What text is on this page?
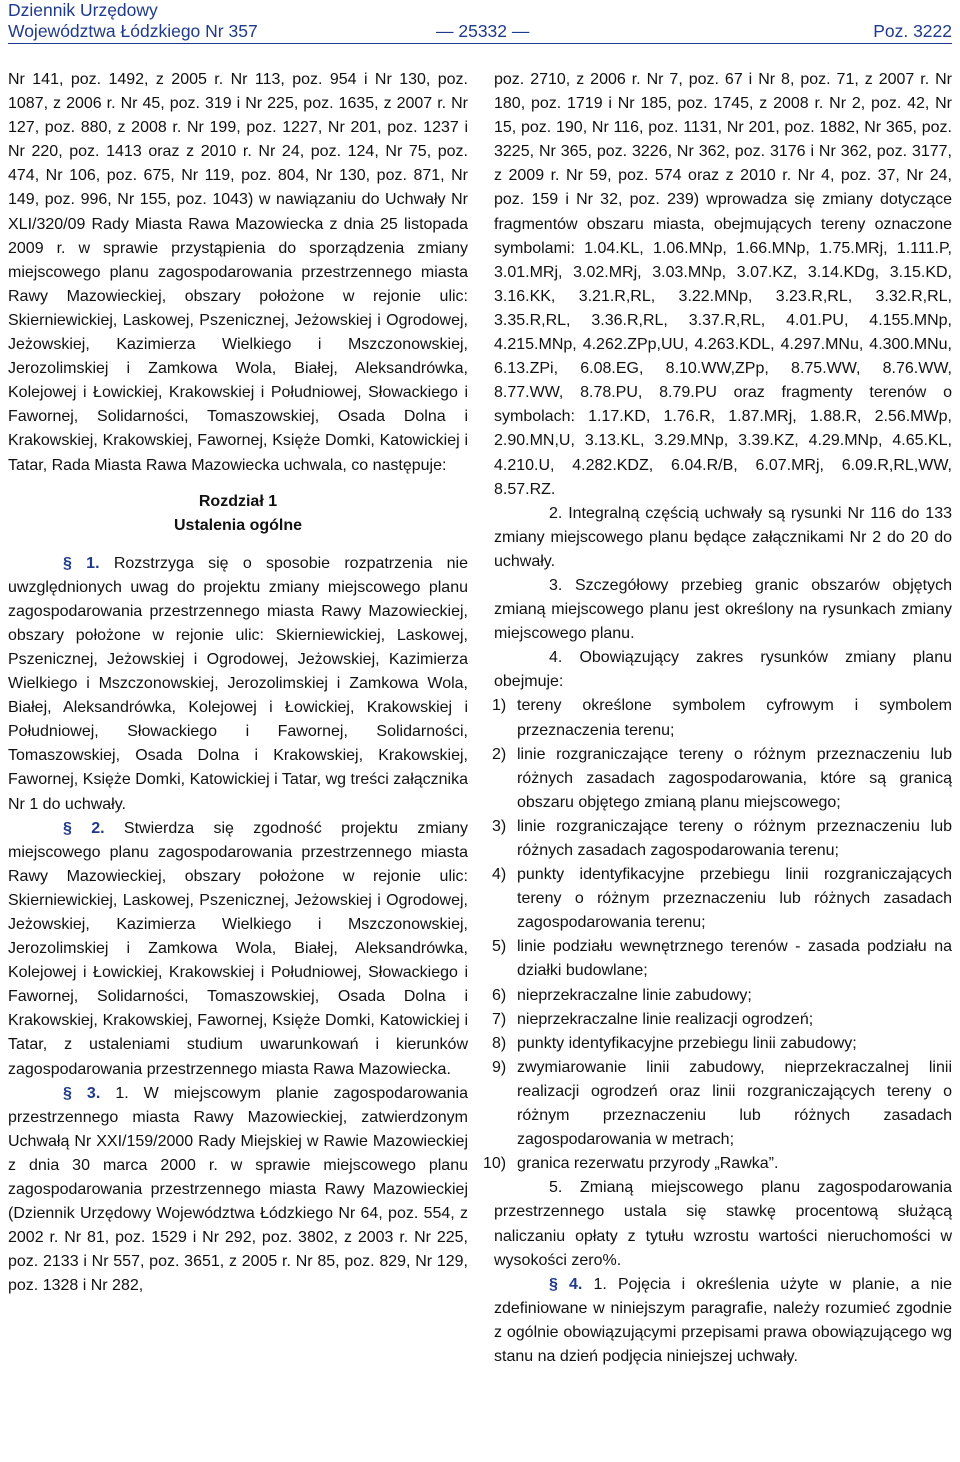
Dziennik Urzędowy
Województwa Łódzkiego Nr 357	— 25332 —	Poz. 3222

Nr 141, poz. 1492, z 2005 r. Nr 113, poz. 954 i Nr 130, poz. 1087, z 2006 r. Nr 45, poz. 319 i Nr 225, poz. 1635, z 2007 r. Nr 127, poz. 880, z 2008 r. Nr 199, poz. 1227, Nr 201, poz. 1237 i Nr 220, poz. 1413 oraz z 2010 r. Nr 24, poz. 124, Nr 75, poz. 474, Nr 106, poz. 675, Nr 119, poz. 804, Nr 130, poz. 871, Nr 149, poz. 996, Nr 155, poz. 1043) w nawiązaniu do Uchwały Nr XLI/320/09 Rady Miasta Rawa Mazowiecka z dnia 25 listopada 2009 r. w sprawie przystąpienia do sporządzenia zmiany miejscowego planu zagospodarowania przestrzennego miasta Rawy Mazowieckiej, obszary położone w rejonie ulic: Skierniewickiej, Laskowej, Pszenicznej, Jeżowskiej i Ogrodowej, Jeżowskiej, Kazimierza Wielkiego i Mszczonowskiej, Jerozolimskiej i Zamkowa Wola, Białej, Aleksandrówka, Kolejowej i Łowickiej, Krakowskiej i Południowej, Słowackiego i Fawornej, Solidarności, Tomaszowskiej, Osada Dolna i Krakowskiej, Krakowskiej, Fawornej, Księże Domki, Katowickiej i Tatar, Rada Miasta Rawa Mazowiecka uchwala, co następuje:

Rozdział 1
Ustalenia ogólne

§ 1. Rozstrzyga się o sposobie rozpatrzenia nie uwzględnionych uwag do projektu zmiany miejscowego planu zagospodarowania przestrzennego miasta Rawy Mazowieckiej, obszary położone w rejonie ulic: Skierniewickiej, Laskowej, Pszenicznej, Jeżowskiej i Ogrodowej, Jeżowskiej, Kazimierza Wielkiego i Mszczonowskiej, Jerozolimskiej i Zamkowa Wola, Białej, Aleksandrówka, Kolejowej i Łowickiej, Krakowskiej i Południowej, Słowackiego i Fawornej, Solidarności, Tomaszowskiej, Osada Dolna i Krakowskiej, Krakowskiej, Fawornej, Księże Domki, Katowickiej i Tatar, wg treści załącznika Nr 1 do uchwały.

§ 2. Stwierdza się zgodność projektu zmiany miejscowego planu zagospodarowania przestrzennego miasta Rawy Mazowieckiej, obszary położone w rejonie ulic: Skierniewickiej, Laskowej, Pszenicznej, Jeżowskiej i Ogrodowej, Jeżowskiej, Kazimierza Wielkiego i Mszczonowskiej, Jerozolimskiej i Zamkowa Wola, Białej, Aleksandrówka, Kolejowej i Łowickiej, Krakowskiej i Południowej, Słowackiego i Fawornej, Solidarności, Tomaszowskiej, Osada Dolna i Krakowskiej, Krakowskiej, Fawornej, Księże Domki, Katowickiej i Tatar, z ustaleniami studium uwarunkowań i kierunków zagospodarowania przestrzennego miasta Rawa Mazowiecka.

§ 3. 1. W miejscowym planie zagospodarowania przestrzennego miasta Rawy Mazowieckiej, zatwierdzonym Uchwałą Nr XXI/159/2000 Rady Miejskiej w Rawie Mazowieckiej z dnia 30 marca 2000 r. w sprawie miejscowego planu zagospodarowania przestrzennego miasta Rawy Mazowieckiej (Dziennik Urzędowy Województwa Łódzkiego Nr 64, poz. 554, z 2002 r. Nr 81, poz. 1529 i Nr 292, poz. 3802, z 2003 r. Nr 225, poz. 2133 i Nr 557, poz. 3651, z 2005 r. Nr 85, poz. 829, Nr 129, poz. 1328 i Nr 282,

poz. 2710, z 2006 r. Nr 7, poz. 67 i Nr 8, poz. 71, z 2007 r. Nr 180, poz. 1719 i Nr 185, poz. 1745, z 2008 r. Nr 2, poz. 42, Nr 15, poz. 190, Nr 116, poz. 1131, Nr 201, poz. 1882, Nr 365, poz. 3225, Nr 365, poz. 3226, Nr 362, poz. 3176 i Nr 362, poz. 3177, z 2009 r. Nr 59, poz. 574 oraz z 2010 r. Nr 4, poz. 37, Nr 24, poz. 159 i Nr 32, poz. 239) wprowadza się zmiany dotyczące fragmentów obszaru miasta, obejmujących tereny oznaczone symbolami: 1.04.KL, 1.06.MNp, 1.66.MNp, 1.75.MRj, 1.111.P, 3.01.MRj, 3.02.MRj, 3.03.MNp, 3.07.KZ, 3.14.KDg, 3.15.KD, 3.16.KK, 3.21.R,RL, 3.22.MNp, 3.23.R,RL, 3.32.R,RL, 3.35.R,RL, 3.36.R,RL, 3.37.R,RL, 4.01.PU, 4.155.MNp, 4.215.MNp, 4.262.ZPp,UU, 4.263.KDL, 4.297.MNu, 4.300.MNu, 6.13.ZPi, 6.08.EG, 8.10.WW,ZPp, 8.75.WW, 8.76.WW, 8.77.WW, 8.78.PU, 8.79.PU oraz fragmenty terenów o symbolach: 1.17.KD, 1.76.R, 1.87.MRj, 1.88.R, 2.56.MWp, 2.90.MN,U, 3.13.KL, 3.29.MNp, 3.39.KZ, 4.29.MNp, 4.65.KL, 4.210.U, 4.282.KDZ, 6.04.R/B, 6.07.MRj, 6.09.R,RL,WW, 8.57.RZ.

2. Integralną częścią uchwały są rysunki Nr 116 do 133 zmiany miejscowego planu będące załącznikami Nr 2 do 20 do uchwały.

3. Szczegółowy przebieg granic obszarów objętych zmianą miejscowego planu jest określony na rysunkach zmiany miejscowego planu.

4. Obowiązujący zakres rysunków zmiany planu obejmuje:

1) tereny określone symbolem cyfrowym i symbolem przeznaczenia terenu;
2) linie rozgraniczające tereny o różnym przeznaczeniu lub różnych zasadach zagospodarowania, które są granicą obszaru objętego zmianą planu miejscowego;
3) linie rozgraniczające tereny o różnym przeznaczeniu lub różnych zasadach zagospodarowania terenu;
4) punkty identyfikacyjne przebiegu linii rozgraniczających tereny o różnym przeznaczeniu lub różnych zasadach zagospodarowania terenu;
5) linie podziału wewnętrznego terenów - zasada podziału na działki budowlane;
6) nieprzekraczalne linie zabudowy;
7) nieprzekraczalne linie realizacji ogrodzeń;
8) punkty identyfikacyjne przebiegu linii zabudowy;
9) zwymiarowanie linii zabudowy, nieprzekraczalnej linii realizacji ogrodzeń oraz linii rozgraniczających tereny o różnym przeznaczeniu lub różnych zasadach zagospodarowania w metrach;
10) granica rezerwatu przyrody „Rawka”.

5. Zmianą miejscowego planu zagospodarowania przestrzennego ustala się stawkę procentową służącą naliczaniu opłaty z tytułu wzrostu wartości nieruchomości w wysokości zero%.

§ 4. 1. Pojęcia i określenia użyte w planie, a nie zdefiniowane w niniejszym paragrafie, należy rozumieć zgodnie z ogólnie obowiązującymi przepisami prawa obowiązującego wg stanu na dzień podjęcia niniejszej uchwały.
